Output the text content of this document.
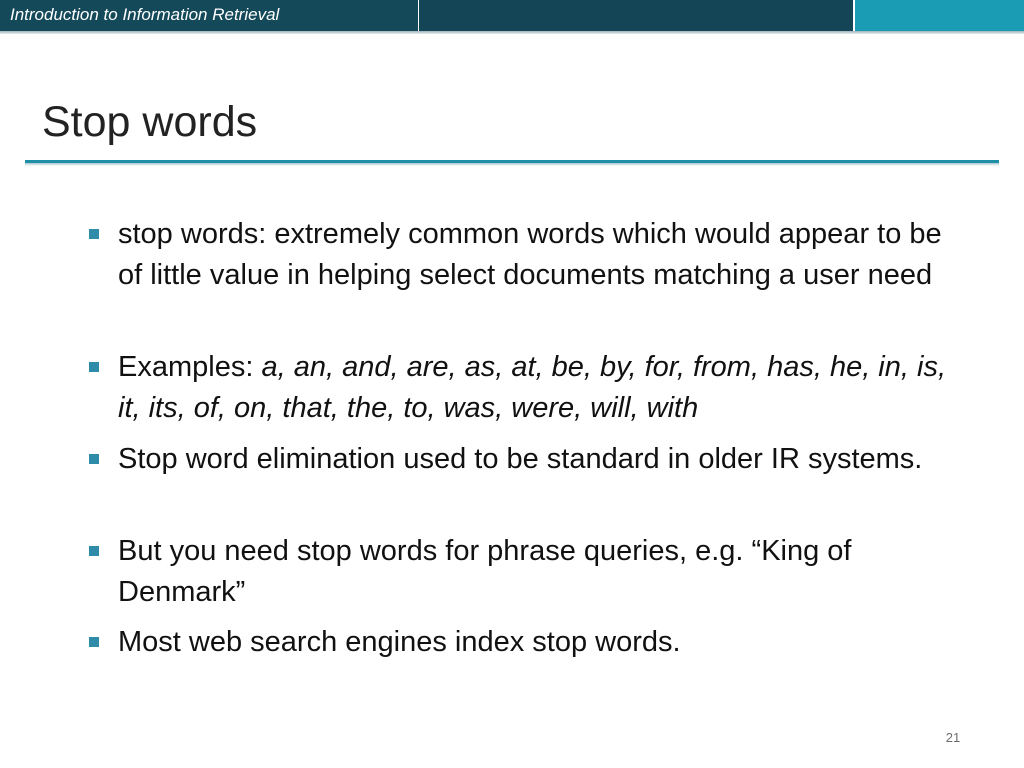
Introduction to Information Retrieval
Stop words
stop words: extremely common words which would appear to be of little value in helping select documents matching a user need
Examples: a, an, and, are, as, at, be, by, for, from, has, he, in, is, it, its, of, on, that, the, to, was, were, will, with
Stop word elimination used to be standard in older IR systems.
But you need stop words for phrase queries, e.g. “King of Denmark”
Most web search engines index stop words.
21
